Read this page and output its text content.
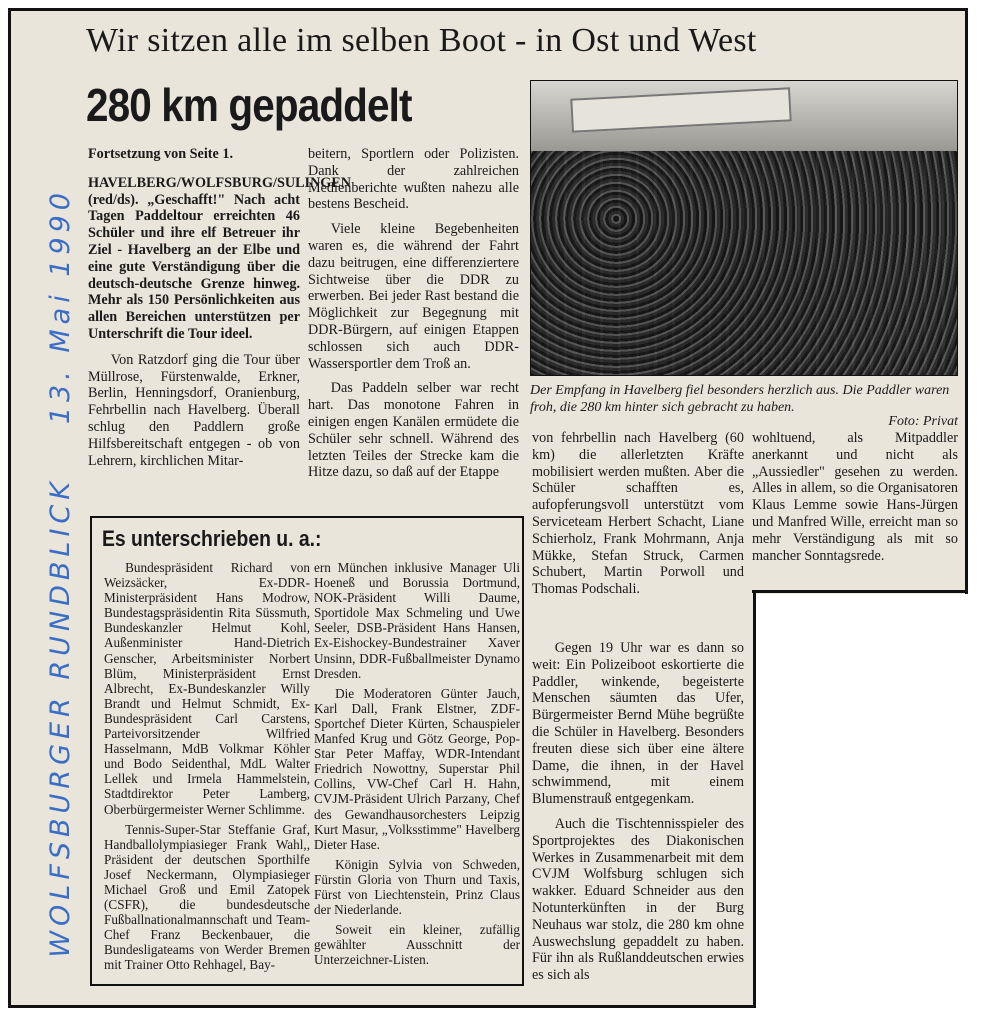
Wir sitzen alle im selben Boot - in Ost und West
280 km gepaddelt
WOLFSBURGER RUNDBLICK
13. Mai 1990	Der Empfang in Havelberg fiel besonders herzlich aus. Die Paddler waren froh, die 280 km hinter sich gebracht zu haben.
Foto: Privat

Fortsetzung von Seite 1.

HAVELBERG/WOLFSBURG/SULINGEN (red/ds). „Geschafft!" Nach acht Tagen Paddeltour erreichten 46 Schüler und ihre elf Betreuer ihr Ziel - Havelberg an der Elbe und eine gute Verständigung über die deutsch-deutsche Grenze hinweg. Mehr als 150 Persönlichkeiten aus allen Bereichen unterstützen per Unterschrift die Tour ideel.

Von Ratzdorf ging die Tour über Müllrose, Fürstenwalde, Erkner, Berlin, Henningsdorf, Oranienburg, Fehrbellin nach Havelberg. Überall schlug den Paddlern große Hilfsbereitschaft entgegen - ob von Lehrern, kirchlichen Mitar-

beitern, Sportlern oder Polizisten. Dank der zahlreichen Medienberichte wußten nahezu alle bestens Bescheid.

Viele kleine Begebenheiten waren es, die während der Fahrt dazu beitrugen, eine differenziertere Sichtweise über die DDR zu erwerben. Bei jeder Rast bestand die Möglichkeit zur Begegnung mit DDR-Bürgern, auf einigen Etappen schlossen sich auch DDR-Wassersportler dem Troß an.

Das Paddeln selber war recht hart. Das monotone Fahren in einigen engen Kanälen ermüdete die Schüler sehr schnell. Während des letzten Teiles der Strecke kam die Hitze dazu, so daß auf der Etappe

von fehrbellin nach Havelberg (60 km) die allerletzten Kräfte mobilisiert werden mußten. Aber die Schüler schafften es, aufopferungsvoll unterstützt vom Serviceteam Herbert Schacht, Liane Schierholz, Frank Mohrmann, Anja Mükke, Stefan Struck, Carmen Schubert, Martin Porwoll und Thomas Podschali.

wohltuend, als Mitpaddler anerkannt und nicht als „Aussiedler" gesehen zu werden. Alles in allem, so die Organisatoren Klaus Lemme sowie Hans-Jürgen und Manfred Wille, erreicht man so mehr Verständigung als mit so mancher Sonntagsrede.

Gegen 19 Uhr war es dann so weit: Ein Polizeiboot eskortierte die Paddler, winkende, begeisterte Menschen säumten das Ufer, Bürgermeister Bernd Mühe begrüßte die Schüler in Havelberg. Besonders freuten diese sich über eine ältere Dame, die ihnen, in der Havel schwimmend, mit einem Blumenstrauß entgegenkam.

Auch die Tischtennisspieler des Sportprojektes des Diakonischen Werkes in Zusammenarbeit mit dem CVJM Wolfsburg schlugen sich wakker. Eduard Schneider aus den Notunterkünften in der Burg Neuhaus war stolz, die 280 km ohne Auswechslung gepaddelt zu haben. Für ihn als Rußlanddeutschen erwies es sich als

Es unterschrieben u. a.:

Bundespräsident Richard von Weizsäcker, Ex-DDR-Ministerpräsident Hans Modrow, Bundestagspräsidentin Rita Süssmuth, Bundeskanzler Helmut Kohl, Außenminister Hand-Dietrich Genscher, Arbeitsminister Norbert Blüm, Ministerpräsident Ernst Albrecht, Ex-Bundeskanzler Willy Brandt und Helmut Schmidt, Ex-Bundespräsident Carl Carstens, Parteivorsitzender Wilfried Hasselmann, MdB Volkmar Köhler und Bodo Seidenthal, MdL Walter Lellek und Irmela Hammelstein, Stadtdirektor Peter Lamberg, Oberbürgermeister Werner Schlimme.

Tennis-Super-Star Steffanie Graf, Handballolympiasieger Frank Wahl,, Präsident der deutschen Sporthilfe Josef Neckermann, Olympiasieger Michael Groß und Emil Zatopek (CSFR), die bundesdeutsche Fußballnationalmannschaft und Team-Chef Franz Beckenbauer, die Bundesligateams von Werder Bremen mit Trainer Otto Rehhagel, Bay-

ern München inklusive Manager Uli Hoeneß und Borussia Dortmund, NOK-Präsident Willi Daume, Sportidole Max Schmeling und Uwe Seeler, DSB-Präsident Hans Hansen, Ex-Eishockey-Bundestrainer Xaver Unsinn, DDR-Fußballmeister Dynamo Dresden.

Die Moderatoren Günter Jauch, Karl Dall, Frank Elstner, ZDF-Sportchef Dieter Kürten, Schauspieler Manfed Krug und Götz George, Pop-Star Peter Maffay, WDR-Intendant Friedrich Nowottny, Superstar Phil Collins, VW-Chef Carl H. Hahn, CVJM-Präsident Ulrich Parzany, Chef des Gewandhausorchesters Leipzig Kurt Masur, „Volksstimme" Havelberg Dieter Hase.

Königin Sylvia von Schweden, Fürstin Gloria von Thurn und Taxis, Fürst von Liechtenstein, Prinz Claus der Niederlande.

Soweit ein kleiner, zufällig gewählter Ausschnitt der Unterzeichner-Listen.
